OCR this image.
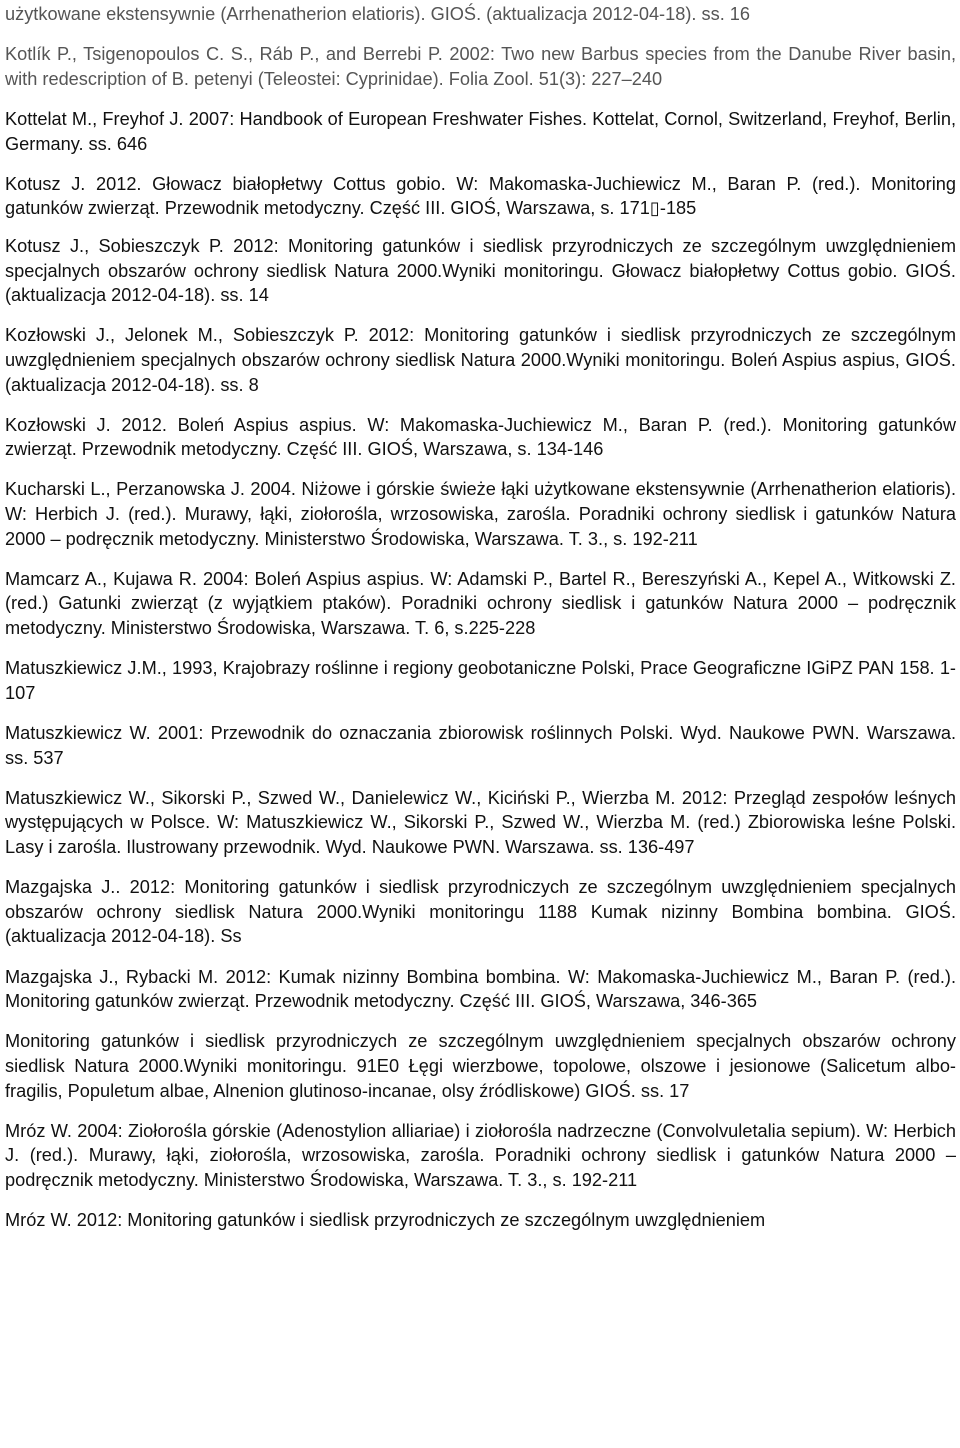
użytkowane ekstensywnie (Arrhenatherion elatioris). GIOŚ. (aktualizacja 2012-04-18). ss. 16

Kotlík P., Tsigenopoulos C. S., Ráb P., and Berrebi P. 2002: Two new Barbus species from the Danube River basin, with redescription of B. petenyi (Teleostei: Cyprinidae). Folia Zool. 51(3): 227–240

Kottelat M., Freyhof J. 2007: Handbook of European Freshwater Fishes. Kottelat, Cornol, Switzerland, Freyhof, Berlin, Germany. ss. 646

Kotusz J. 2012. Głowacz białopłetwy Cottus gobio. W: Makomaska-Juchiewicz M., Baran P. (red.). Monitoring gatunków zwierząt. Przewodnik metodyczny. Część III. GIOŚ, Warszawa, s. 171▯-185

Kotusz J., Sobieszczyk P. 2012: Monitoring gatunków i siedlisk przyrodniczych ze szczególnym uwzględnieniem specjalnych obszarów ochrony siedlisk Natura 2000.Wyniki monitoringu. Głowacz białopłetwy Cottus gobio. GIOŚ. (aktualizacja 2012-04-18). ss. 14

Kozłowski J., Jelonek M., Sobieszczyk P. 2012: Monitoring gatunków i siedlisk przyrodniczych ze szczególnym uwzględnieniem specjalnych obszarów ochrony siedlisk Natura 2000.Wyniki monitoringu. Boleń Aspius aspius, GIOŚ. (aktualizacja 2012-04-18). ss. 8

Kozłowski J. 2012. Boleń Aspius aspius. W: Makomaska-Juchiewicz M., Baran P. (red.). Monitoring gatunków zwierząt. Przewodnik metodyczny. Część III. GIOŚ, Warszawa, s. 134-146

Kucharski L., Perzanowska J. 2004. Niżowe i górskie świeże łąki użytkowane ekstensywnie (Arrhenatherion elatioris). W: Herbich J. (red.). Murawy, łąki, ziołorośla, wrzosowiska, zarośla. Poradniki ochrony siedlisk i gatunków Natura 2000 – podręcznik metodyczny. Ministerstwo Środowiska, Warszawa. T. 3., s. 192-211

Mamcarz A., Kujawa R. 2004: Boleń Aspius aspius. W: Adamski P., Bartel R., Bereszyński A., Kepel A., Witkowski Z. (red.) Gatunki zwierząt (z wyjątkiem ptaków). Poradniki ochrony siedlisk i gatunków Natura 2000 – podręcznik metodyczny. Ministerstwo Środowiska, Warszawa. T. 6, s.225-228

Matuszkiewicz J.M., 1993, Krajobrazy roślinne i regiony geobotaniczne Polski, Prace Geograficzne IGiPZ PAN 158. 1-107

Matuszkiewicz W. 2001: Przewodnik do oznaczania zbiorowisk roślinnych Polski. Wyd. Naukowe PWN. Warszawa. ss. 537

Matuszkiewicz W., Sikorski P., Szwed W., Danielewicz W., Kiciński P., Wierzba M. 2012: Przegląd zespołów leśnych występujących w Polsce. W: Matuszkiewicz W., Sikorski P., Szwed W., Wierzba M. (red.) Zbiorowiska leśne Polski. Lasy i zarośla. Ilustrowany przewodnik. Wyd. Naukowe PWN. Warszawa. ss. 136-497

Mazgajska J.. 2012: Monitoring gatunków i siedlisk przyrodniczych ze szczególnym uwzględnieniem specjalnych obszarów ochrony siedlisk Natura 2000.Wyniki monitoringu 1188 Kumak nizinny Bombina bombina. GIOŚ. (aktualizacja 2012-04-18). Ss

Mazgajska J., Rybacki M. 2012: Kumak nizinny Bombina bombina. W: Makomaska-Juchiewicz M., Baran P. (red.). Monitoring gatunków zwierząt. Przewodnik metodyczny. Część III. GIOŚ, Warszawa, 346-365

Monitoring gatunków i siedlisk przyrodniczych ze szczególnym uwzględnieniem specjalnych obszarów ochrony siedlisk Natura 2000.Wyniki monitoringu. 91E0 Łęgi wierzbowe, topolowe, olszowe i jesionowe (Salicetum albo-fragilis, Populetum albae, Alnenion glutinoso-incanae, olsy źródliskowe) GIOŚ. ss. 17

Mróz W. 2004: Ziołorośla górskie (Adenostylion alliariae) i ziołorośla nadrzeczne (Convolvuletalia sepium). W: Herbich J. (red.). Murawy, łąki, ziołorośla, wrzosowiska, zarośla. Poradniki ochrony siedlisk i gatunków Natura 2000 – podręcznik metodyczny. Ministerstwo Środowiska, Warszawa. T. 3., s. 192-211

Mróz W. 2012: Monitoring gatunków i siedlisk przyrodniczych ze szczególnym uwzględnieniem
